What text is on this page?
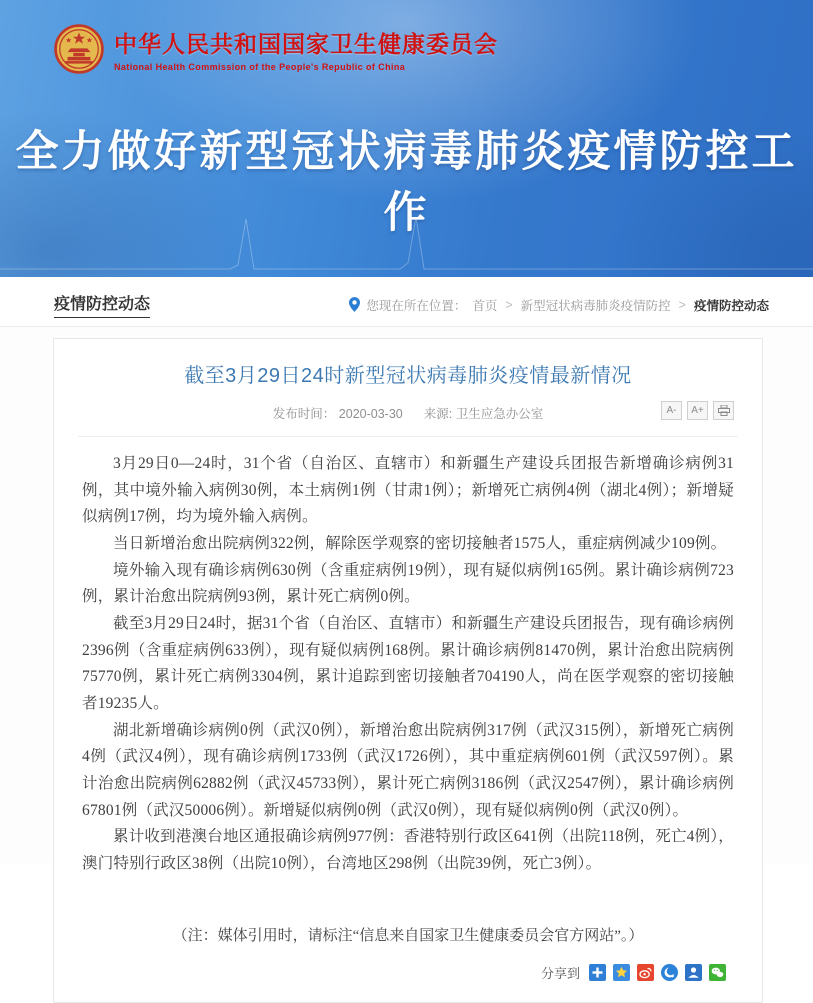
中华人民共和国国家卫生健康委员会
National Health Commission of the People's Republic of China
全力做好新型冠状病毒肺炎疫情防控工作
疫情防控动态	您现在所在位置： 首页 > 新型冠状病毒肺炎疫情防控 > 疫情防控动态
截至3月29日24时新型冠状病毒肺炎疫情最新情况
发布时间： 2020-03-30 来源: 卫生应急办公室	A-	A+

3月29日0—24时，31个省（自治区、直辖市）和新疆生产建设兵团报告新增确诊病例31例，其中境外输入病例30例，本土病例1例（甘肃1例）；新增死亡病例4例（湖北4例）；新增疑似病例17例，均为境外输入病例。

当日新增治愈出院病例322例，解除医学观察的密切接触者1575人，重症病例减少109例。

境外输入现有确诊病例630例（含重症病例19例），现有疑似病例165例。累计确诊病例723例，累计治愈出院病例93例，累计死亡病例0例。

截至3月29日24时，据31个省（自治区、直辖市）和新疆生产建设兵团报告，现有确诊病例2396例（含重症病例633例），现有疑似病例168例。累计确诊病例81470例，累计治愈出院病例75770例，累计死亡病例3304例，累计追踪到密切接触者704190人，尚在医学观察的密切接触者19235人。

湖北新增确诊病例0例（武汉0例），新增治愈出院病例317例（武汉315例），新增死亡病例4例（武汉4例），现有确诊病例1733例（武汉1726例），其中重症病例601例（武汉597例）。累计治愈出院病例62882例（武汉45733例），累计死亡病例3186例（武汉2547例），累计确诊病例67801例（武汉50006例）。新增疑似病例0例（武汉0例），现有疑似病例0例（武汉0例）。

累计收到港澳台地区通报确诊病例977例：香港特别行政区641例（出院118例，死亡4例），澳门特别行政区38例（出院10例），台湾地区298例（出院39例，死亡3例）。

（注：媒体引用时，请标注“信息来自国家卫生健康委员会官方网站”。）
分享到
